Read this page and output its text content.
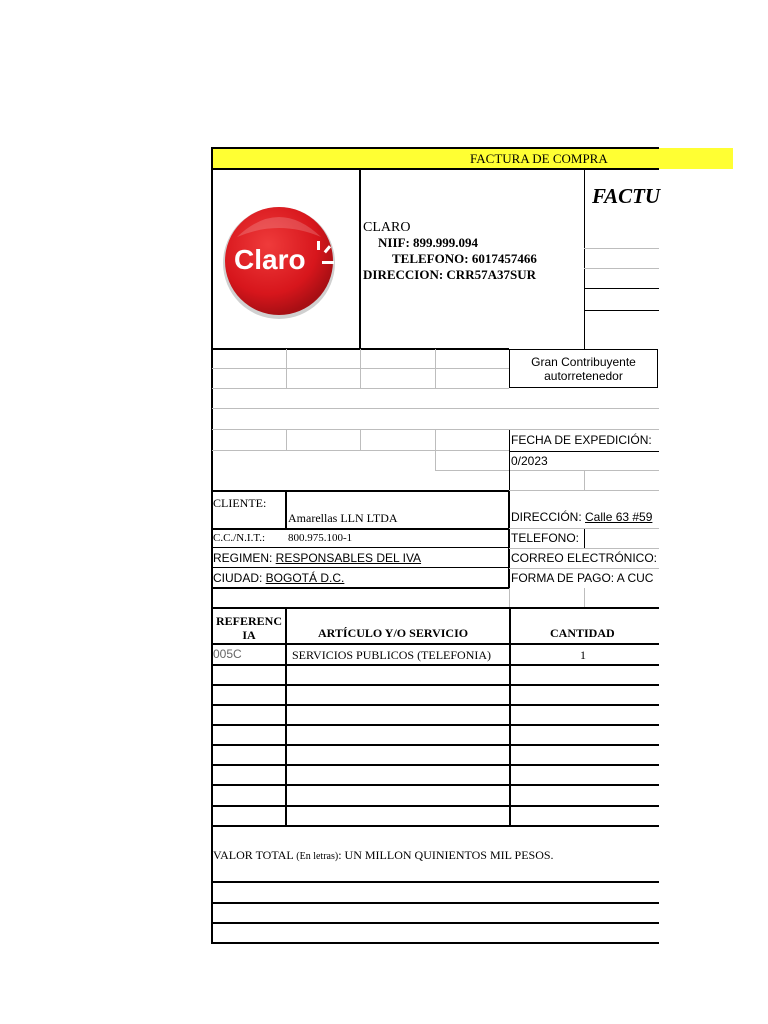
FACTURA DE COMPRA
FACTU
Claro
CLARO
NIIF: 899.999.094
TELEFONO: 6017457466
DIRECCION: CRR57A37SUR
Gran Contribuyente
autorretenedor
FECHA DE EXPEDICIÓN:
0/2023
CLIENTE:
Amarellas LLN LTDA
C.C./N.I.T.: 800.975.100-1
REGIMEN: RESPONSABLES DEL IVA
CIUDAD: BOGOTÁ D.C.
DIRECCIÓN: Calle 63 #59
TELEFONO:
CORREO ELECTRÓNICO:
FORMA DE PAGO: A CUC
REFERENC
IA	ARTÍCULO Y/O SERVICIO	CANTIDAD
005C	SERVICIOS PUBLICOS (TELEFONIA)	1
VALOR TOTAL (En letras): UN MILLON QUINIENTOS MIL PESOS.
